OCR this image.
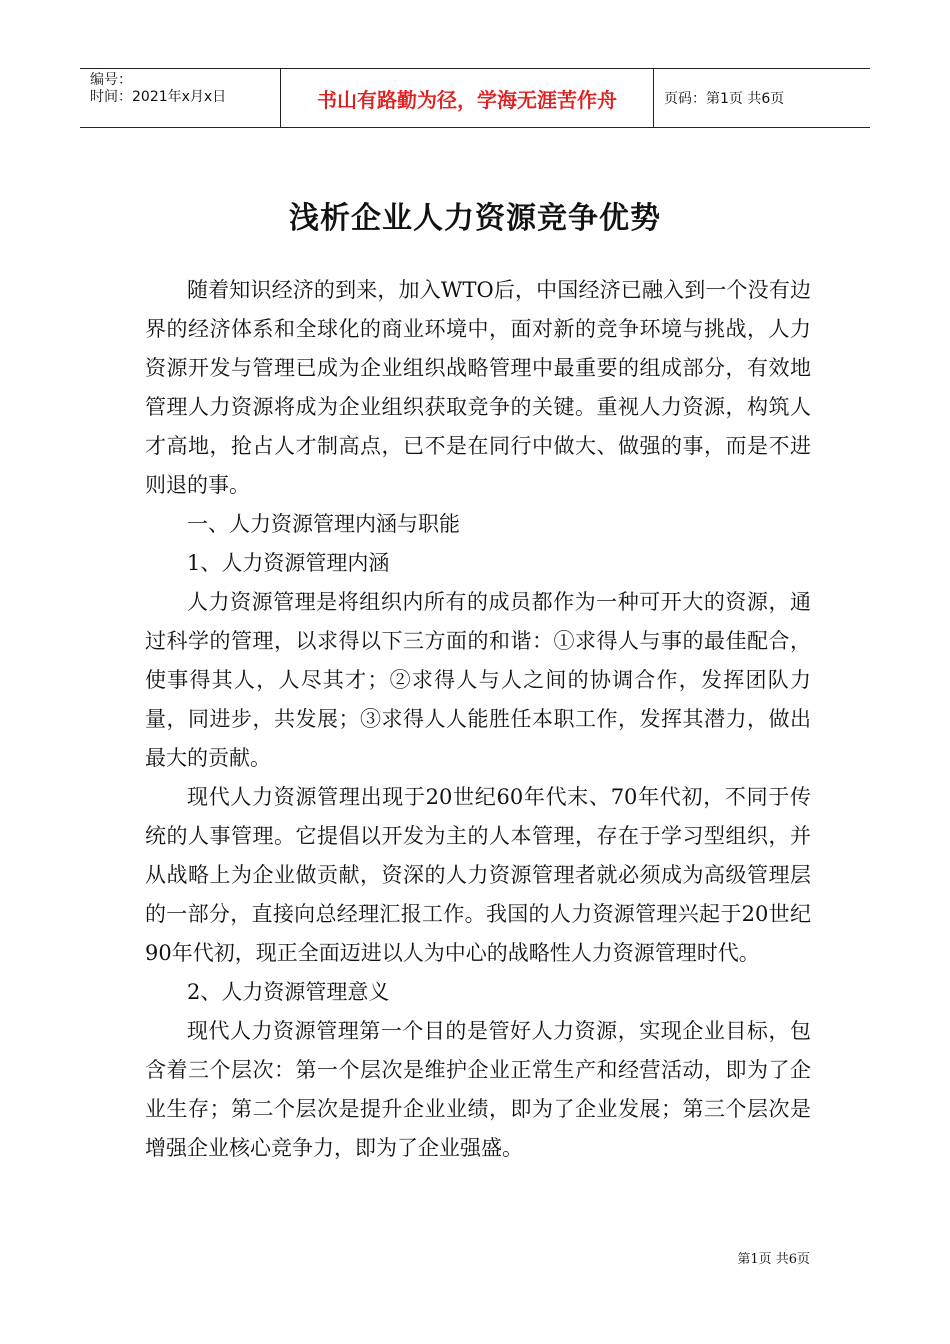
编号：
时间：2021年x月x日	书山有路勤为径，学海无涯苦作舟	页码：第1页 共6页
浅析企业人力资源竞争优势

随着知识经济的到来，加入WTO后，中国经济已融入到一个没有边界的经济体系和全球化的商业环境中，面对新的竞争环境与挑战，人力资源开发与管理已成为企业组织战略管理中最重要的组成部分，有效地管理人力资源将成为企业组织获取竞争的关键。重视人力资源，构筑人才高地，抢占人才制高点，已不是在同行中做大、做强的事，而是不进则退的事。

一、人力资源管理内涵与职能

1、人力资源管理内涵

人力资源管理是将组织内所有的成员都作为一种可开大的资源，通过科学的管理，以求得以下三方面的和谐：①求得人与事的最佳配合，使事得其人，人尽其才；②求得人与人之间的协调合作，发挥团队力量，同进步，共发展；③求得人人能胜任本职工作，发挥其潜力，做出最大的贡献。

现代人力资源管理出现于20世纪60年代末、70年代初，不同于传统的人事管理。它提倡以开发为主的人本管理，存在于学习型组织，并从战略上为企业做贡献，资深的人力资源管理者就必须成为高级管理层的一部分，直接向总经理汇报工作。我国的人力资源管理兴起于20世纪90年代初，现正全面迈进以人为中心的战略性人力资源管理时代。

2、人力资源管理意义

现代人力资源管理第一个目的是管好人力资源，实现企业目标，包含着三个层次：第一个层次是维护企业正常生产和经营活动，即为了企业生存；第二个层次是提升企业业绩，即为了企业发展；第三个层次是增强企业核心竞争力，即为了企业强盛。

第1页 共6页
